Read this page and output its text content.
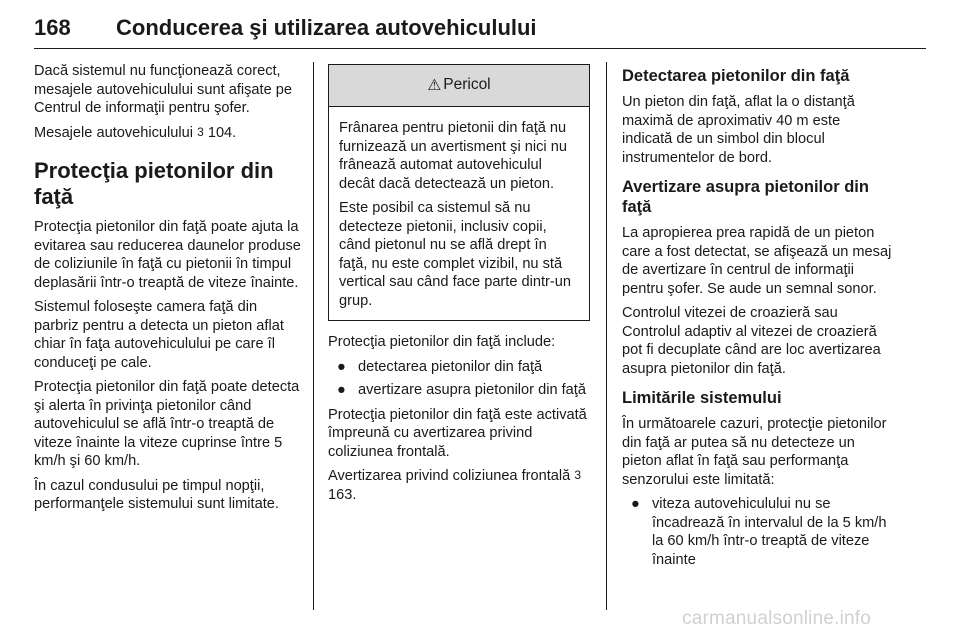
168 Conducerea şi utilizarea autovehiculului

Dacă sistemul nu funcţionează corect, mesajele autovehiculului sunt afişate pe Centrul de informaţii pentru şofer.

Mesajele autovehiculului 3 104.

Protecţia pietonilor din faţă

Protecţia pietonilor din faţă poate ajuta la evitarea sau reducerea daunelor produse de coliziunile în faţă cu pietonii în timpul deplasării într-o treaptă de viteze înainte.

Sistemul foloseşte camera faţă din parbriz pentru a detecta un pieton aflat chiar în faţa autovehiculului pe care îl conduceţi pe cale.

Protecţia pietonilor din faţă poate detecta şi alerta în privinţa pietonilor când autovehiculul se află într-o treaptă de viteze înainte la viteze cuprinse între 5 km/h şi 60 km/h.

În cazul condusului pe timpul nopţii, performanţele sistemului sunt limitate.

⚠ Pericol

Frânarea pentru pietonii din faţă nu furnizează un avertisment şi nici nu frânează automat autovehiculul decât dacă detectează un pieton.

Este posibil ca sistemul să nu detecteze pietonii, inclusiv copii, când pietonul nu se află drept în faţă, nu este complet vizibil, nu stă vertical sau când face parte dintr-un grup.

Protecţia pietonilor din faţă include:

● detectarea pietonilor din faţă
● avertizare asupra pietonilor din faţă

Protecţia pietonilor din faţă este activată împreună cu avertizarea privind coliziunea frontală.

Avertizarea privind coliziunea frontală 3 163.

Detectarea pietonilor din faţă

Un pieton din faţă, aflat la o distanţă maximă de aproximativ 40 m este indicată de un simbol din blocul instrumentelor de bord.

Avertizare asupra pietonilor din faţă

La apropierea prea rapidă de un pieton care a fost detectat, se afişează un mesaj de avertizare în centrul de informaţii pentru şofer. Se aude un semnal sonor.

Controlul vitezei de croazieră sau Controlul adaptiv al vitezei de croazieră pot fi decuplate când are loc avertizarea asupra pietonilor din faţă.

Limitările sistemului

În următoarele cazuri, protecţie pietonilor din faţă ar putea să nu detecteze un pieton aflat în faţă sau performanţa senzorului este limitată:

● viteza autovehiculului nu se încadrează în intervalul de la 5 km/h la 60 km/h într-o treaptă de viteze înainte
carmanualsonline.info
